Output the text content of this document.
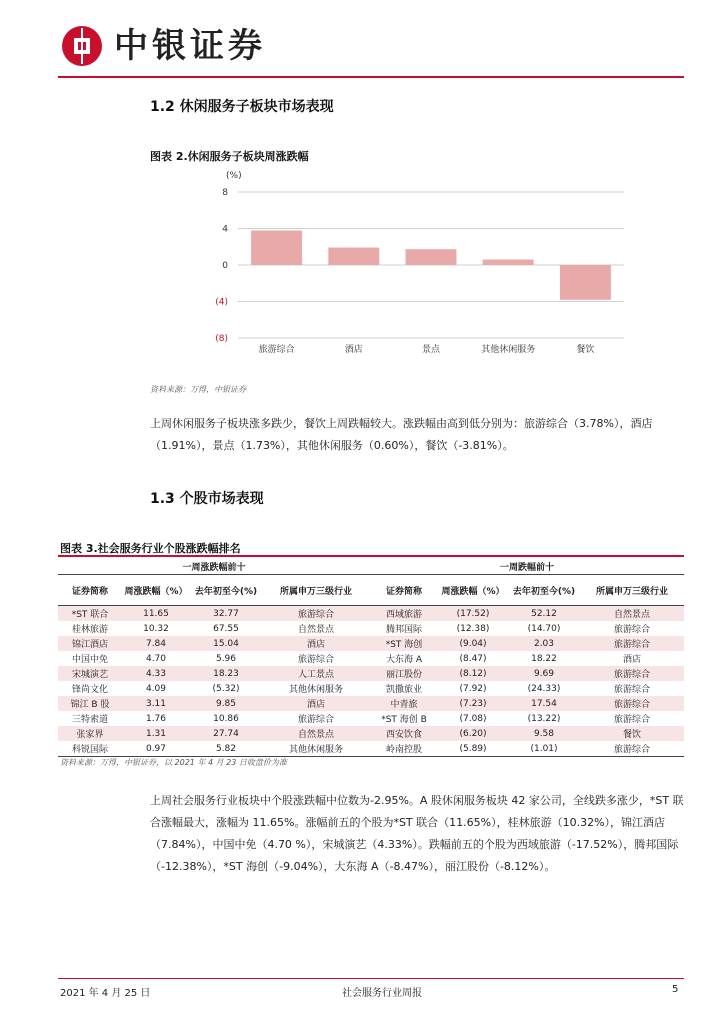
中银证券
1.2 休闲服务子板块市场表现
图表 2.休闲服务子板块周涨跌幅
(%)
8
4
0
(4)
(8)
旅游综合	酒店	景点	其他休闲服务	餐饮
资料来源：万得，中银证券
上周休闲服务子板块涨多跌少，餐饮上周跌幅较大。涨跌幅由高到低分别为：旅游综合（3.78%），酒店（1.91%），景点（1.73%），其他休闲服务（0.60%），餐饮（-3.81%）。
1.3 个股市场表现
图表 3.社会服务行业个股涨跌幅排名
一周涨跌幅前十				一周跌幅前十			
证券简称	周涨跌幅（%）	去年初至今(%)	所属申万三级行业	证券简称	周涨跌幅（%）	去年初至今(%)	所属申万三级行业
*ST 联合	11.65	32.77	旅游综合	西域旅游	(17.52)	52.12	自然景点
桂林旅游	10.32	67.55	自然景点	腾邦国际	(12.38)	(14.70)	旅游综合
锦江酒店	7.84	15.04	酒店	*ST 海创	(9.04)	2.03	旅游综合
中国中免	4.70	5.96	旅游综合	大东海 A	(8.47)	18.22	酒店
宋城演艺	4.33	18.23	人工景点	丽江股份	(8.12)	9.69	旅游综合
锋尚文化	4.09	(5.32)	其他休闲服务	凯撒旅业	(7.92)	(24.33)	旅游综合
锦江 B 股	3.11	9.85	酒店	中青旅	(7.23)	17.54	旅游综合
三特索道	1.76	10.86	旅游综合	*ST 海创 B	(7.08)	(13.22)	旅游综合
张家界	1.31	27.74	自然景点	西安饮食	(6.20)	9.58	餐饮
科锐国际	0.97	5.82	其他休闲服务	岭南控股	(5.89)	(1.01)	旅游综合
资料来源：万得，中银证券，以 2021 年 4 月 23 日收盘价为准
上周社会服务行业板块中个股涨跌幅中位数为-2.95%。A 股休闲服务板块 42 家公司，全线跌多涨少，*ST 联合涨幅最大，涨幅为 11.65%。涨幅前五的个股为*ST 联合（11.65%），桂林旅游（10.32%），锦江酒店（7.84%），中国中免（4.70 %），宋城演艺（4.33%）。跌幅前五的个股为西域旅游（-17.52%），腾邦国际（-12.38%），*ST 海创（-9.04%），大东海 A（-8.47%），丽江股份（-8.12%）。
2021 年 4 月 25 日	社会服务行业周报	5
